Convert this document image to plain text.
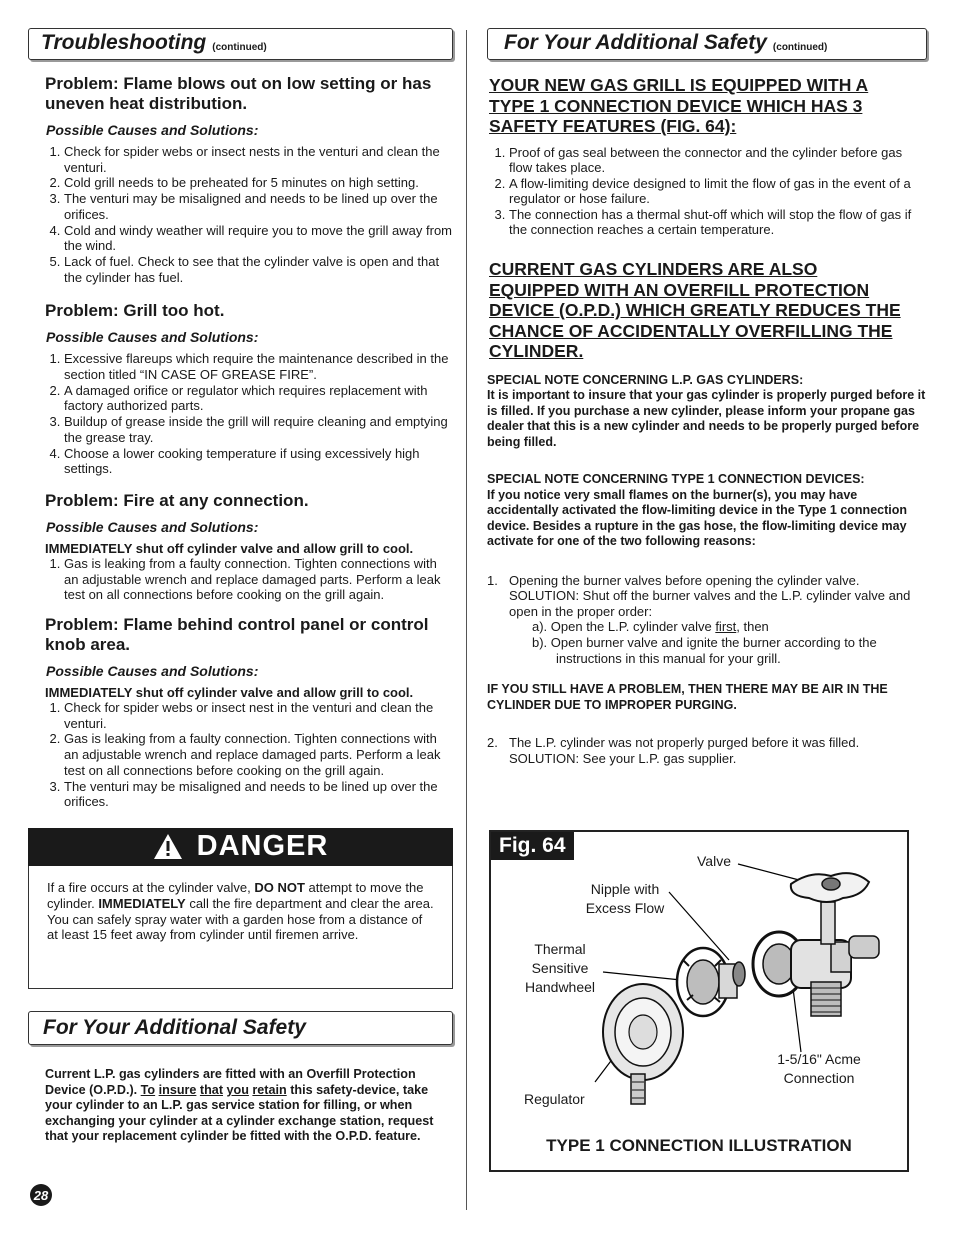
Troubleshooting (continued)
Problem: Flame blows out on low setting or has uneven heat distribution.
Possible Causes and Solutions:
1. Check for spider webs or insect nests in the venturi and clean the venturi.
2. Cold grill needs to be preheated for 5 minutes on high setting.
3. The venturi may be misaligned and needs to be lined up over the orifices.
4. Cold and windy weather will require you to move the grill away from the wind.
5. Lack of fuel. Check to see that the cylinder valve is open and that the cylinder has fuel.
Problem: Grill too hot.
Possible Causes and Solutions:
1. Excessive flareups which require the maintenance described in the section titled “IN CASE OF GREASE FIRE”.
2. A damaged orifice or regulator which requires replacement with factory authorized parts.
3. Buildup of grease inside the grill will require cleaning and emptying the grease tray.
4. Choose a lower cooking temperature if using excessively high settings.
Problem: Fire at any connection.
Possible Causes and Solutions:
IMMEDIATELY shut off cylinder valve and allow grill to cool.
1. Gas is leaking from a faulty connection. Tighten connections with an adjustable wrench and replace damaged parts. Perform a leak test on all connections before cooking on the grill again.
Problem: Flame behind control panel or control knob area.
Possible Causes and Solutions:
IMMEDIATELY shut off cylinder valve and allow grill to cool.
1. Check for spider webs or insect nest in the venturi and clean the venturi.
2. Gas is leaking from a faulty connection. Tighten connections with an adjustable wrench and replace damaged parts. Perform a leak test on all connections before cooking on the grill again.
3. The venturi may be misaligned and needs to be lined up over the orifices.
DANGER
If a fire occurs at the cylinder valve, DO NOT attempt to move the cylinder. IMMEDIATELY call the fire department and clear the area. You can safely spray water with a garden hose from a distance of at least 15 feet away from cylinder until firemen arrive.
For Your Additional Safety
Current L.P. gas cylinders are fitted with an Overfill Protection Device (O.P.D.). To insure that you retain this safety-device, take your cylinder to an L.P. gas service station for filling, or when exchanging your cylinder at a cylinder exchange station, request that your replacement cylinder be fitted with the O.P.D. feature.
28
For Your Additional Safety (continued)
YOUR NEW GAS GRILL IS EQUIPPED WITH A TYPE 1 CONNECTION DEVICE WHICH HAS 3 SAFETY FEATURES (FIG. 64):
1. Proof of gas seal between the connector and the cylinder before gas flow takes place.
2. A flow-limiting device designed to limit the flow of gas in the event of a regulator or hose failure.
3. The connection has a thermal shut-off which will stop the flow of gas if the connection reaches a certain temperature.
CURRENT GAS CYLINDERS ARE ALSO EQUIPPED WITH AN OVERFILL PROTECTION DEVICE (O.P.D.) WHICH GREATLY REDUCES THE CHANCE OF ACCIDENTALLY OVERFILLING THE CYLINDER.
SPECIAL NOTE CONCERNING L.P. GAS CYLINDERS:
It is important to insure that your gas cylinder is properly purged before it is filled. If you purchase a new cylinder, please inform your propane gas dealer that this is a new cylinder and needs to be properly purged before being filled.
SPECIAL NOTE CONCERNING TYPE 1 CONNECTION DEVICES:
If you notice very small flames on the burner(s), you may have accidentally activated the flow-limiting device in the Type 1 connection device. Besides a rupture in the gas hose, the flow-limiting device may activate for one of the two following reasons:
1. Opening the burner valves before opening the cylinder valve. SOLUTION: Shut off the burner valves and the L.P. cylinder valve and open in the proper order:
a). Open the L.P. cylinder valve first, then
b). Open burner valve and ignite the burner according to the instructions in this manual for your grill.
IF YOU STILL HAVE A PROBLEM, THEN THERE MAY BE AIR IN THE CYLINDER DUE TO IMPROPER PURGING.
2. The L.P. cylinder was not properly purged before it was filled. SOLUTION: See your L.P. gas supplier.
Fig. 64
Valve
Nipple with Excess Flow
Thermal Sensitive Handwheel
1-5/16" Acme Connection
Regulator
TYPE 1 CONNECTION ILLUSTRATION
